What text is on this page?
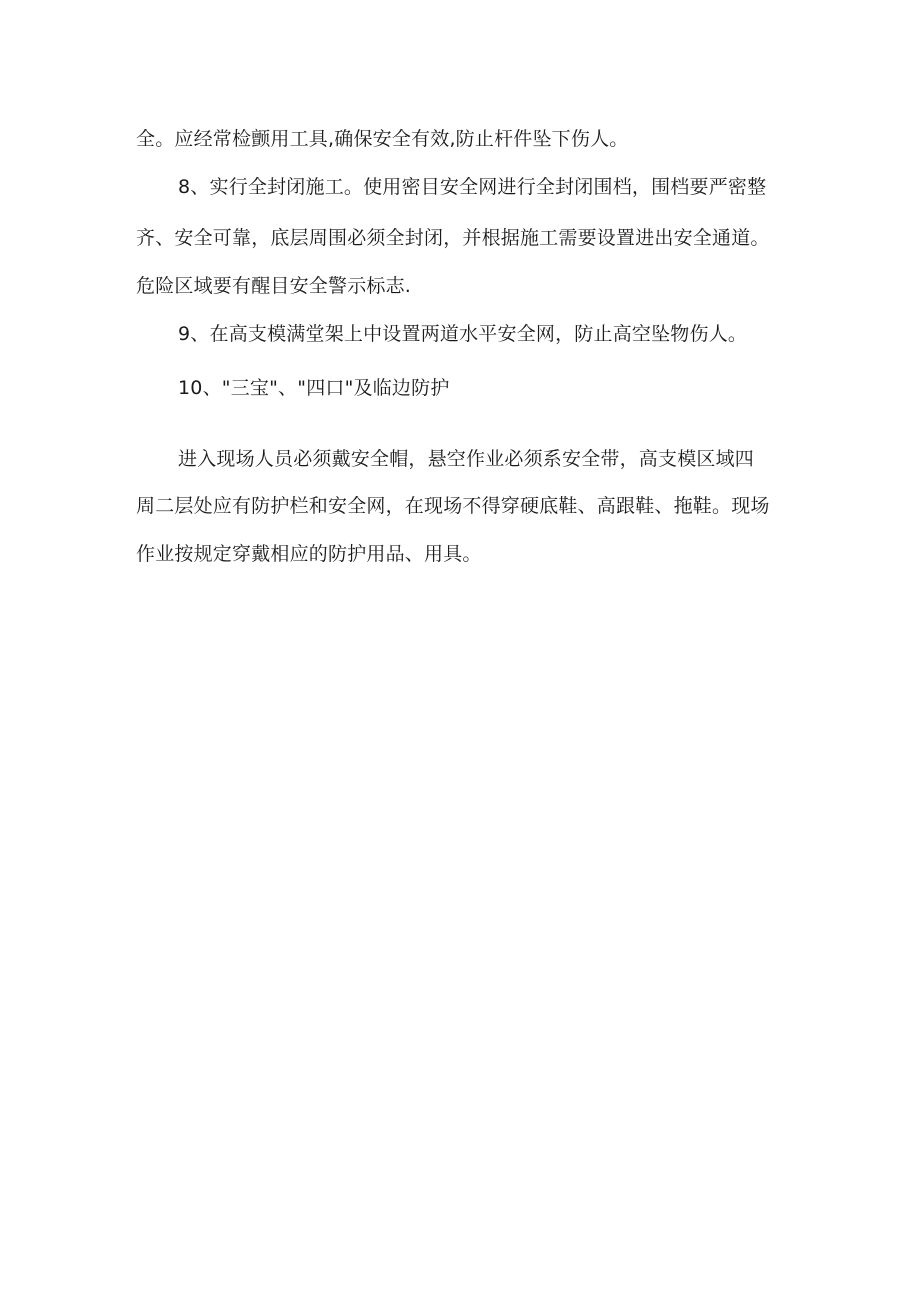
全。应经常检颤用工具,确保安全有效,防止杆件坠下伤人。
8、实行全封闭施工。使用密目安全网进行全封闭围档，围档要严密整
齐、安全可靠，底层周围必须全封闭，并根据施工需要设置进出安全通道。
危险区域要有醒目安全警示标志.
9、在高支模满堂架上中设置两道水平安全网，防止高空坠物伤人。
10、"三宝"、"四口"及临边防护
进入现场人员必须戴安全帽，悬空作业必须系安全带，高支模区域四
周二层处应有防护栏和安全网，在现场不得穿硬底鞋、高跟鞋、拖鞋。现场
作业按规定穿戴相应的防护用品、用具。
